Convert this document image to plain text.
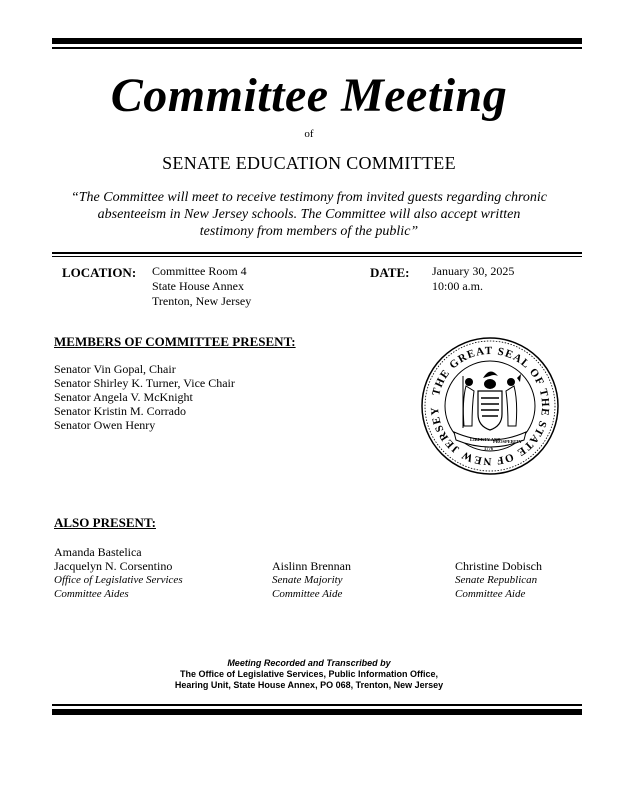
Committee Meeting
of
SENATE EDUCATION COMMITTEE
“The Committee will meet to receive testimony from invited guests regarding chronic absenteeism in New Jersey schools. The Committee will also accept written testimony from members of the public”
LOCATION: Committee Room 4
State House Annex
Trenton, New Jersey
DATE: January 30, 2025
10:00 a.m.
MEMBERS OF COMMITTEE PRESENT:
Senator Vin Gopal, Chair
Senator Shirley K. Turner, Vice Chair
Senator Angela V. McKnight
Senator Kristin M. Corrado
Senator Owen Henry
THE GREAT SEAL OF THE STATE OF NEW JERSEY
LIBERTY AND
PROSPERITY
1776
ALSO PRESENT:
Amanda Bastelica
Jacquelyn N. Corsentino
Office of Legislative Services
Committee Aides
Aislinn Brennan
Senate Majority
Committee Aide
Christine Dobisch
Senate Republican
Committee Aide
Meeting Recorded and Transcribed by
The Office of Legislative Services, Public Information Office,
Hearing Unit, State House Annex, PO 068, Trenton, New Jersey
